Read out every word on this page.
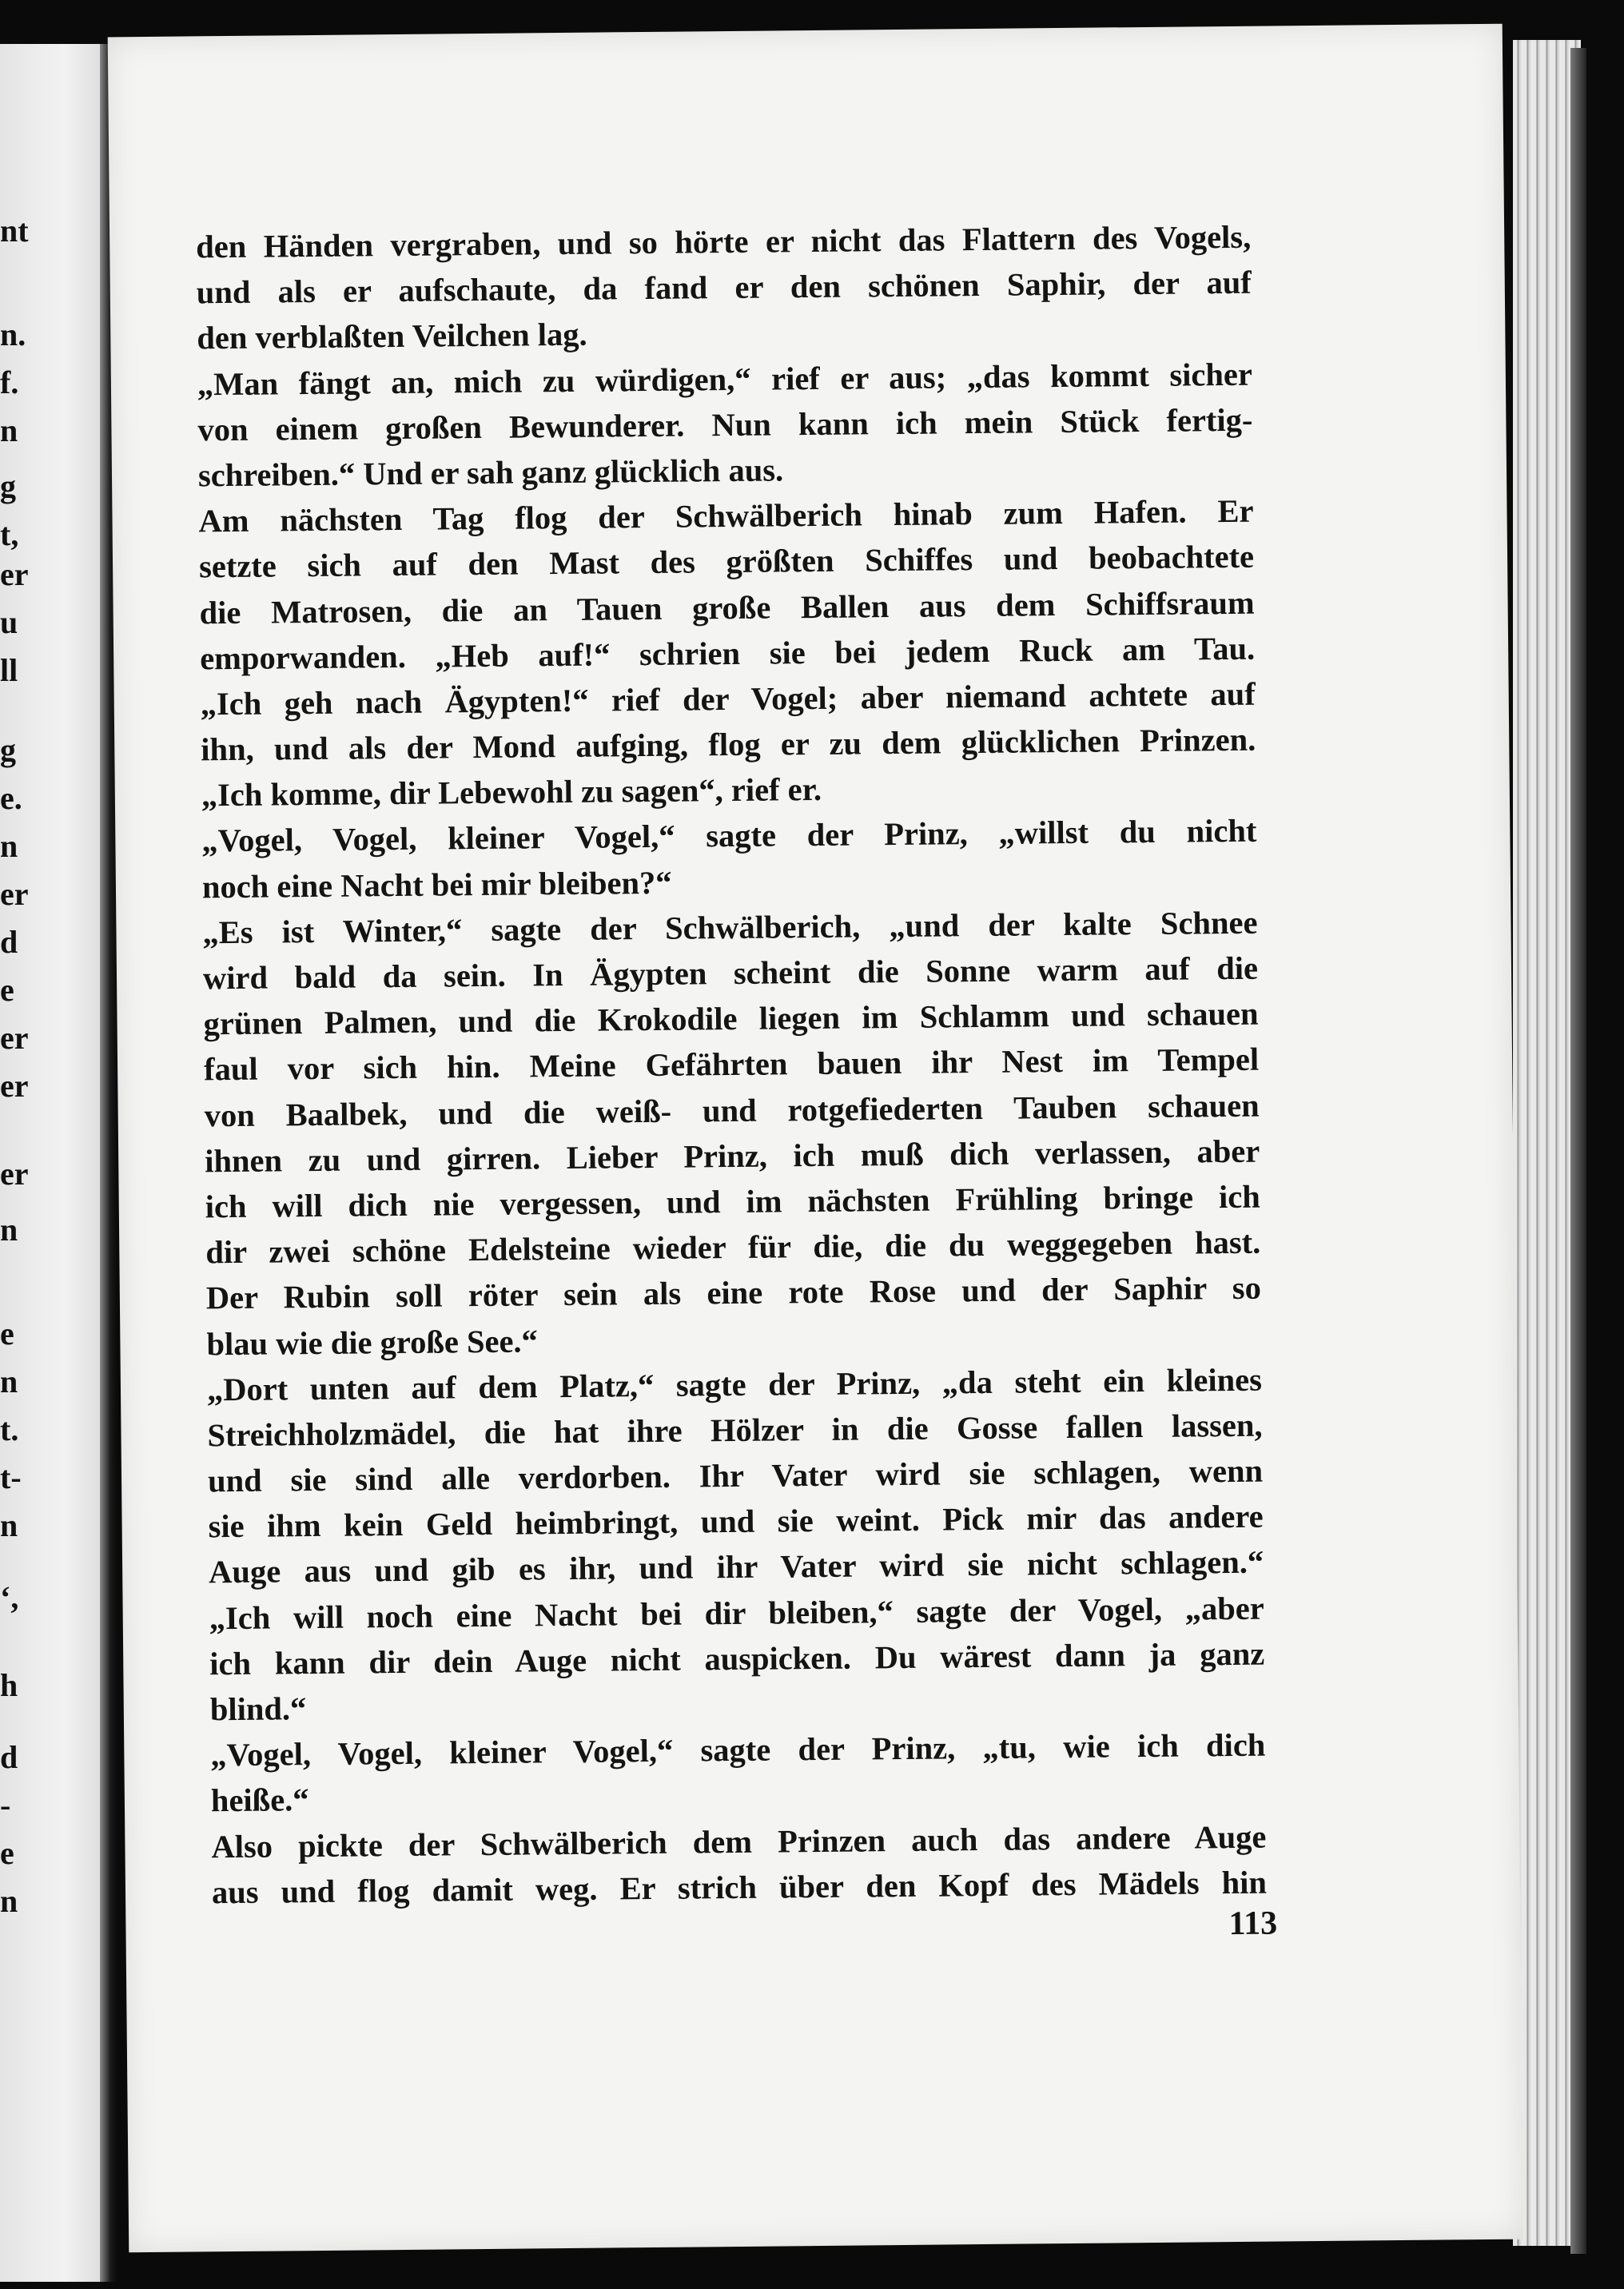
nt
n.
f.
n
g
t,
er
u
ll
g
e.
n
er
d
e
er
er
er
n
e
n
t.
t-
n
‘,
h
d
-
e
n
den Händen vergraben, und so hörte er nicht das Flattern des Vogels,
und als er aufschaute, da fand er den schönen Saphir, der auf
den verblaßten Veilchen lag.
„Man fängt an, mich zu würdigen,“ rief er aus; „das kommt sicher
von einem großen Bewunderer. Nun kann ich mein Stück fertig-
schreiben.“ Und er sah ganz glücklich aus.
Am nächsten Tag flog der Schwälberich hinab zum Hafen. Er
setzte sich auf den Mast des größten Schiffes und beobachtete
die Matrosen, die an Tauen große Ballen aus dem Schiffsraum
emporwanden. „Heb auf!“ schrien sie bei jedem Ruck am Tau.
„Ich geh nach Ägypten!“ rief der Vogel; aber niemand achtete auf
ihn, und als der Mond aufging, flog er zu dem glücklichen Prinzen.
„Ich komme, dir Lebewohl zu sagen“, rief er.
„Vogel, Vogel, kleiner Vogel,“ sagte der Prinz, „willst du nicht
noch eine Nacht bei mir bleiben?“
„Es ist Winter,“ sagte der Schwälberich, „und der kalte Schnee
wird bald da sein. In Ägypten scheint die Sonne warm auf die
grünen Palmen, und die Krokodile liegen im Schlamm und schauen
faul vor sich hin. Meine Gefährten bauen ihr Nest im Tempel
von Baalbek, und die weiß- und rotgefiederten Tauben schauen
ihnen zu und girren. Lieber Prinz, ich muß dich verlassen, aber
ich will dich nie vergessen, und im nächsten Frühling bringe ich
dir zwei schöne Edelsteine wieder für die, die du weggegeben hast.
Der Rubin soll röter sein als eine rote Rose und der Saphir so
blau wie die große See.“
„Dort unten auf dem Platz,“ sagte der Prinz, „da steht ein kleines
Streichholzmädel, die hat ihre Hölzer in die Gosse fallen lassen,
und sie sind alle verdorben. Ihr Vater wird sie schlagen, wenn
sie ihm kein Geld heimbringt, und sie weint. Pick mir das andere
Auge aus und gib es ihr, und ihr Vater wird sie nicht schlagen.“
„Ich will noch eine Nacht bei dir bleiben,“ sagte der Vogel, „aber
ich kann dir dein Auge nicht auspicken. Du wärest dann ja ganz
blind.“
„Vogel, Vogel, kleiner Vogel,“ sagte der Prinz, „tu, wie ich dich
heiße.“
Also pickte der Schwälberich dem Prinzen auch das andere Auge
aus und flog damit weg. Er strich über den Kopf des Mädels hin
113
